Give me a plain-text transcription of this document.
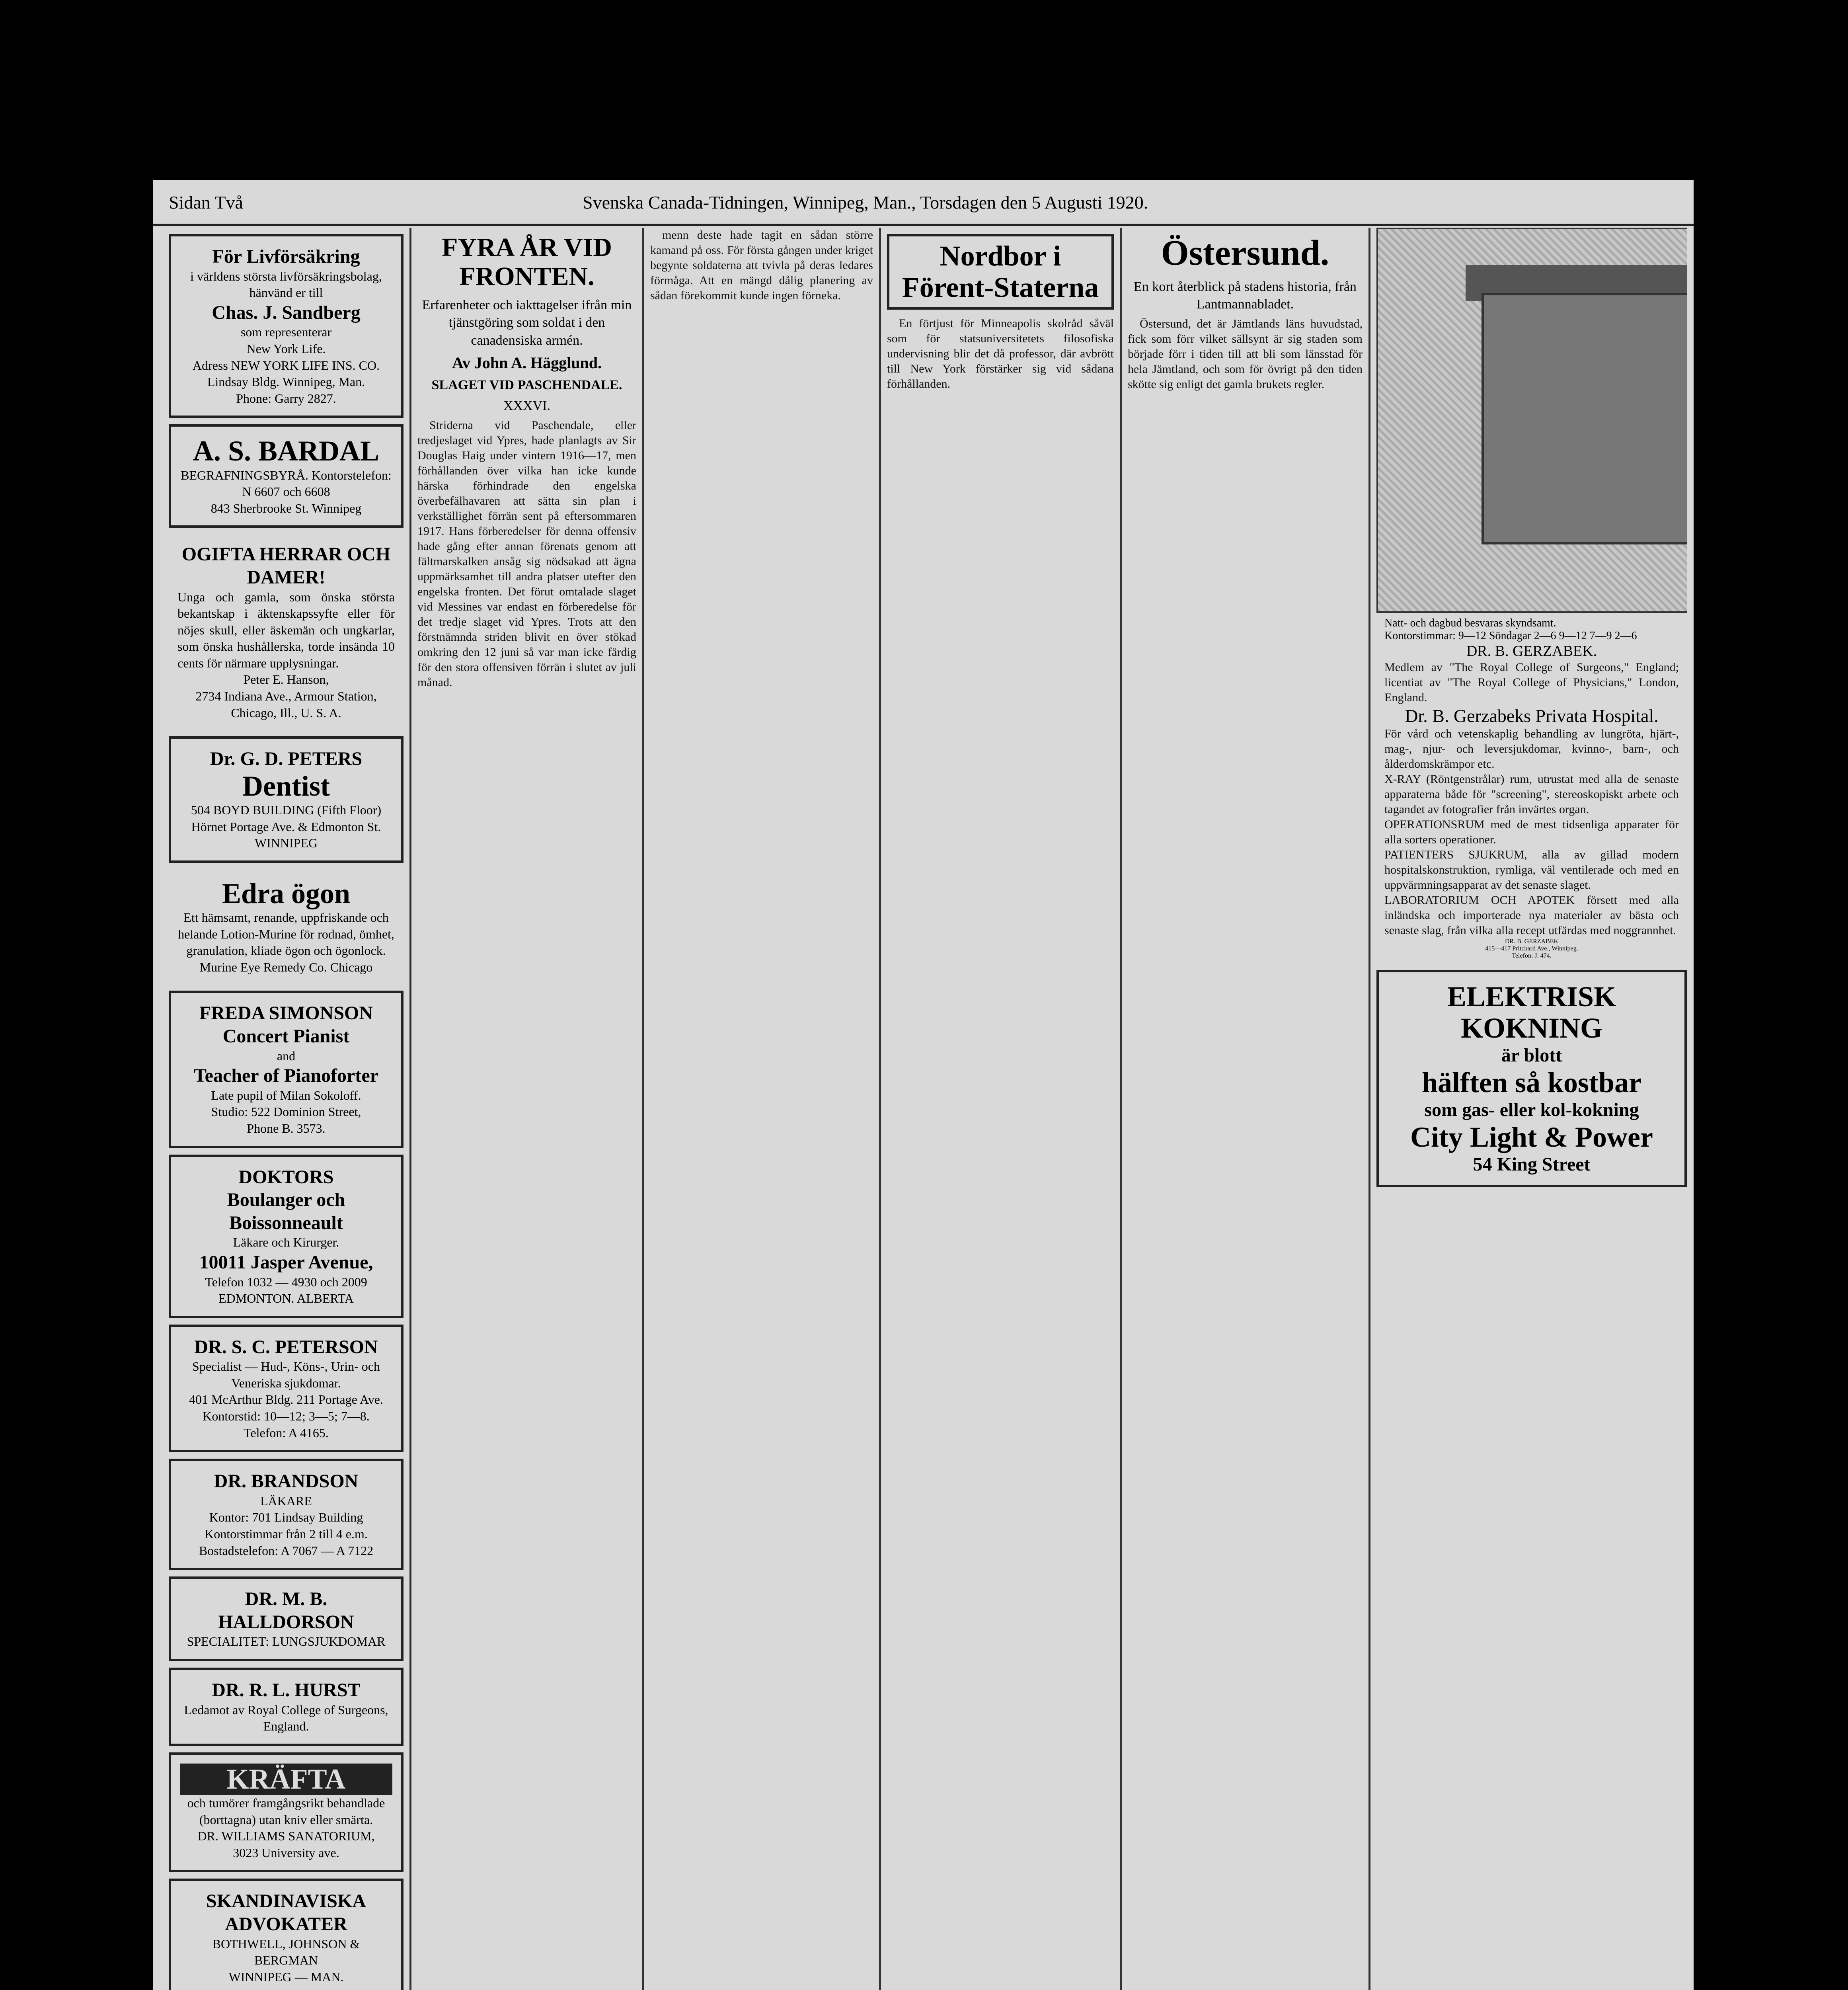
Sidan Två	Svenska Canada-Tidningen, Winnipeg, Man., Torsdagen den 5 Augusti 1920.
För Livförsäkring
i världens största livförsäkringsbolag, hänvänd er till
Chas. J. Sandberg
som representerar
New York Life.
Adress NEW YORK LIFE INS. CO. Lindsay Bldg. Winnipeg, Man.
Phone: Garry 2827.
A. S. BARDAL
BEGRAFNINGSBYRÅ. Kontorstelefon: N 6607 och 6608
843 Sherbrooke St. Winnipeg
OGIFTA HERRAR OCH DAMER!
Unga och gamla, som önska största bekantskap i äktenskapssyfte eller för nöjes skull, eller äskemän och ungkarlar, som önska hushållerska, torde insända 10 cents för närmare upplysningar.
Peter E. Hanson,
2734 Indiana Ave., Armour Station, Chicago, Ill., U. S. A.
Dr. G. D. PETERS
Dentist
504 BOYD BUILDING (Fifth Floor)
Hörnet Portage Ave. & Edmonton St.
WINNIPEG
Edra ögon
Ett hämsamt, renande, uppfriskande och helande Lotion-Murine för rodnad, ömhet, granulation, kliade ögon och ögonlock.
Murine Eye Remedy Co. Chicago
FREDA SIMONSON
Concert Pianist
and
Teacher of Pianoforter
Late pupil of Milan Sokoloff.
Studio: 522 Dominion Street,
Phone B. 3573.
DOKTORS
Boulanger och Boissonneault
Läkare och Kirurger.
10011 Jasper Avenue,
Telefon 1032 — 4930 och 2009
EDMONTON. ALBERTA
DR. S. C. PETERSON
Specialist — Hud-, Köns-, Urin- och Veneriska sjukdomar.
401 McArthur Bldg. 211 Portage Ave.
Kontorstid: 10—12; 3—5; 7—8.
Telefon: A 4165.
DR. BRANDSON
LÄKARE
Kontor: 701 Lindsay Building
Kontorstimmar från 2 till 4 e.m.
Bostadstelefon: A 7067 — A 7122
DR. M. B. HALLDORSON
SPECIALITET: LUNGSJUKDOMAR
DR. R. L. HURST
Ledamot av Royal College of Surgeons, England.
KRÄFTA
och tumörer framgångsrikt behandlade (borttagna) utan kniv eller smärta.
DR. WILLIAMS SANATORIUM,
3023 University ave.
SKANDINAVISKA ADVOKATER
BOTHWELL, JOHNSON & BERGMAN
WINNIPEG — MAN.
FYRA ÅR VID FRONTEN.
Erfarenheter och iakttagelser ifrån min tjänstgöring som soldat i den canadensiska armén.
Av John A. Hägglund.
SLAGET VID PASCHENDALE.
XXXVI.

Striderna vid Paschendale, eller tredjeslaget vid Ypres, hade planlagts av Sir Douglas Haig under vintern 1916—17, men förhållanden över vilka han icke kunde härska förhindrade den engelska överbefälhavaren att sätta sin plan i verkställighet förrän sent på eftersommaren 1917. Hans förberedelser för denna offensiv hade gång efter annan förenats genom att fältmarskalken ansåg sig nödsakad att ägna uppmärksamhet till andra platser utefter den engelska fronten. Det förut omtalade slaget vid Messines var endast en förberedelse för det tredje slaget vid Ypres. Trots att den förstnämnda striden blivit en över stökad omkring den 12 juni så var man icke färdig för den stora offensiven förrän i slutet av juli månad.

menn deste hade tagit en sådan större kamand på oss. För första gången under kriget begynte soldaterna att tvivla på deras ledares förmåga. Att en mängd dålig planering av sådan förekommit kunde ingen förneka.

Nordbor i Förent-Staterna

En förtjust för Minneapolis skolråd såväl som för statsuniversitetets filosofiska undervisning blir det då professor, där avbrött till New York förstärker sig vid sådana förhållanden.

Östersund.
En kort återblick på stadens historia, från Lantmannabladet.

Östersund, det är Jämtlands läns huvudstad, fick som förr vilket sällsynt är sig staden som började förr i tiden till att bli som länsstad för hela Jämtland, och som för övrigt på den tiden skötte sig enligt det gamla brukets regler.

Natt- och dagbud besvaras skyndsamt.
Kontorstimmar: 9—12 Söndagar 2—6 9—12 7—9 2—6
DR. B. GERZABEK.
Medlem av "The Royal College of Surgeons," England; licentiat av "The Royal College of Physicians," London, England.
Dr. B. Gerzabeks Privata Hospital.
För vård och vetenskaplig behandling av lungröta, hjärt-, mag-, njur- och leversjukdomar, kvinno-, barn-, och ålderdomskrämpor etc.
X-RAY (Röntgenstrålar) rum, utrustat med alla de senaste apparaterna både för "screening", stereoskopiskt arbete och tagandet av fotografier från invärtes organ.
OPERATIONSRUM med de mest tidsenliga apparater för alla sorters operationer.
PATIENTERS SJUKRUM, alla av gillad modern hospitalskonstruktion, rymliga, väl ventilerade och med en uppvärmningsapparat av det senaste slaget.
LABORATORIUM OCH APOTEK försett med alla inländska och importerade nya materialer av bästa och senaste slag, från vilka alla recept utfärdas med noggrannhet.
DR. B. GERZABEK
415—417 Pritchard Ave., Winnipeg.
Telefon: J. 474.
ELEKTRISK KOKNING
är blott
hälften så kostbar
som gas- eller kol-kokning
City Light & Power
54 King Street
